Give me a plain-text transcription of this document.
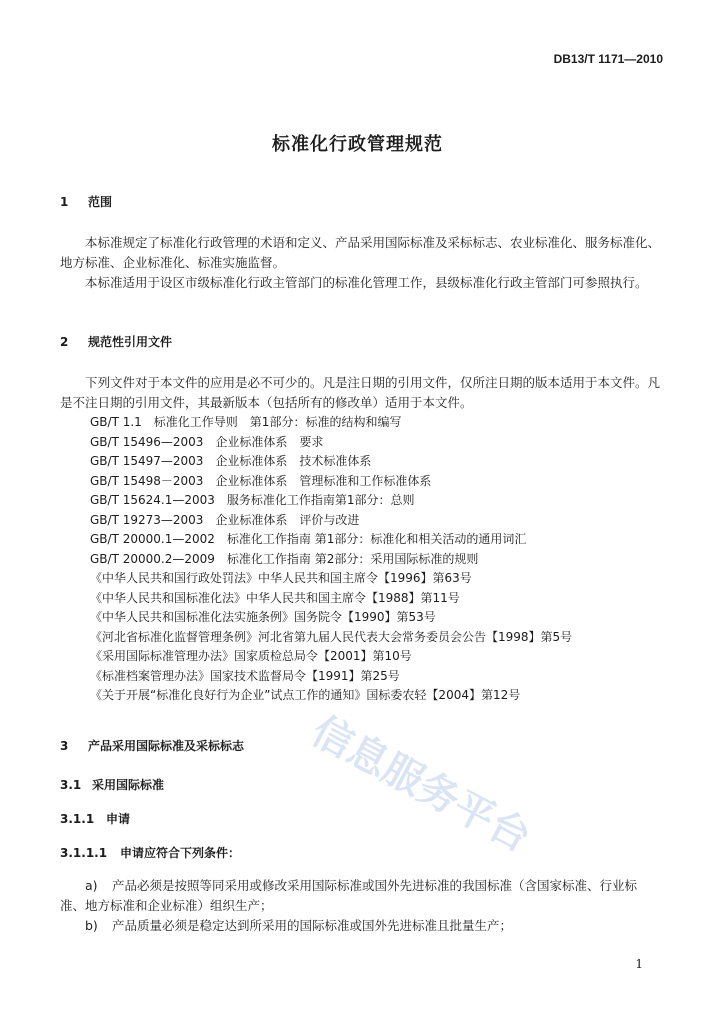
DB13/T 1171—2010
标准化行政管理规范
1 范围

本标准规定了标准化行政管理的术语和定义、产品采用国际标准及采标标志、农业标准化、服务标准化、地方标准、企业标准化、标准实施监督。

本标准适用于设区市级标准化行政主管部门的标准化管理工作，县级标准化行政主管部门可参照执行。

2 规范性引用文件

下列文件对于本文件的应用是必不可少的。凡是注日期的引用文件，仅所注日期的版本适用于本文件。凡是不注日期的引用文件，其最新版本（包括所有的修改单）适用于本文件。

GB/T 1.1　标准化工作导则　第1部分：标准的结构和编写
GB/T 15496—2003　企业标准体系　要求
GB/T 15497—2003　企业标准体系　技术标准体系
GB/T 15498－2003　企业标准体系　管理标准和工作标准体系
GB/T 15624.1—2003　服务标准化工作指南第1部分：总则
GB/T 19273—2003　企业标准体系　评价与改进
GB/T 20000.1—2002　标准化工作指南 第1部分：标准化和相关活动的通用词汇
GB/T 20000.2—2009　标准化工作指南 第2部分：采用国际标准的规则
《中华人民共和国行政处罚法》中华人民共和国主席令【1996】第63号
《中华人民共和国标准化法》中华人民共和国主席令【1988】第11号
《中华人民共和国标准化法实施条例》国务院令【1990】第53号
《河北省标准化监督管理条例》河北省第九届人民代表大会常务委员会公告【1998】第5号
《采用国际标准管理办法》国家质检总局令【2001】第10号
《标准档案管理办法》国家技术监督局令【1991】第25号
《关于开展“标准化良好行为企业”试点工作的通知》国标委农轻【2004】第12号
3 产品采用国际标准及采标标志
3.1 采用国际标准
3.1.1 申请
3.1.1.1 申请应符合下列条件：
a) 产品必须是按照等同采用或修改采用国际标准或国外先进标准的我国标准（含国家标准、行业标准、地方标准和企业标准）组织生产；
b) 产品质量必须是稳定达到所采用的国际标准或国外先进标准且批量生产；
信息服务平台
1
